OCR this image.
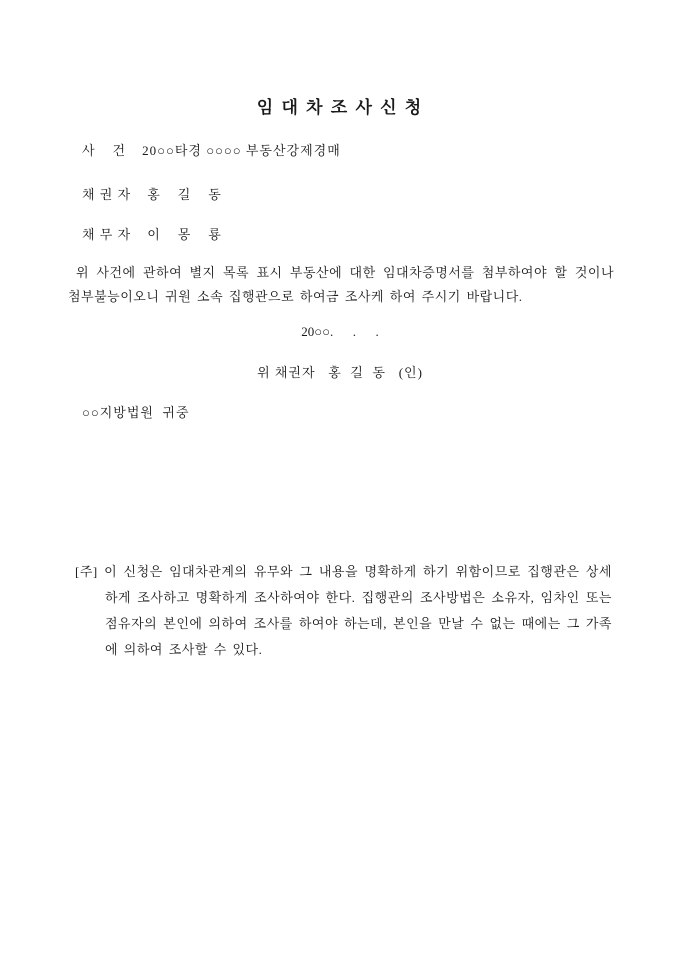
임 대 차 조 사 신 청
사    건 20○○타경 ○○○○ 부동산강제경매
채 권 자 홍    길    동
채 무 자 이    몽    룡
위 사건에 관하여 별지 목록 표시 부동산에 대한 임대차증명서를 첨부하여야 할 것이나 첨부불능이오니 귀원 소속 집행관으로 하여금 조사케 하여 주시기 바랍니다.
20○○.      .      .
위 채권자   홍  길  동   (인)
○○지방법원  귀중
[주] 이 신청은 임대차관계의 유무와 그 내용을 명확하게 하기 위함이므로 집행관은 상세하게 조사하고 명확하게 조사하여야 한다. 집행관의 조사방법은 소유자, 임차인 또는 점유자의 본인에 의하여 조사를 하여야 하는데, 본인을 만날 수 없는 때에는 그 가족에 의하여 조사할 수 있다.
